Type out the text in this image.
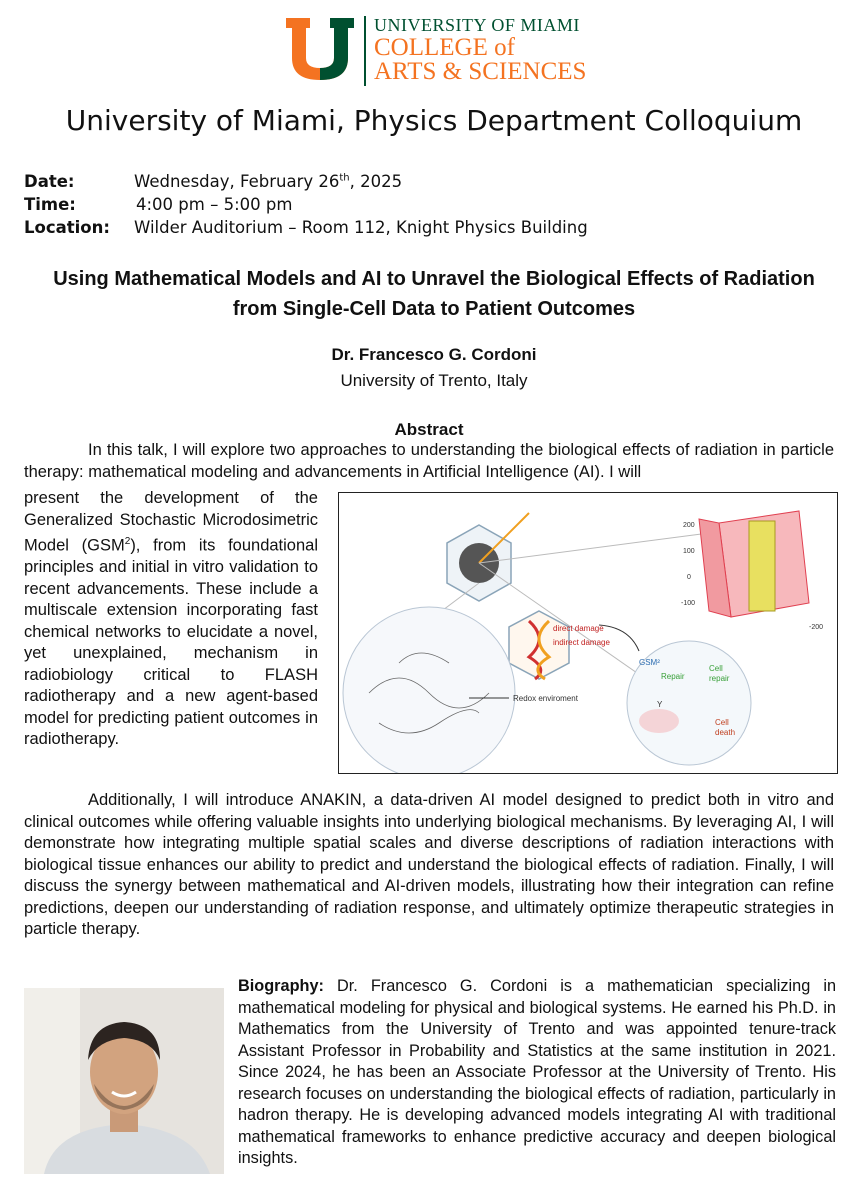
UNIVERSITY OF MIAMI
COLLEGE of
ARTS & SCIENCES
University of Miami, Physics Department Colloquium
Date:	Wednesday, February 26th, 2025
Time:	4:00 pm – 5:00 pm
Location: Wilder Auditorium – Room 112, Knight Physics Building
Using Mathematical Models and AI to Unravel the Biological Effects of Radiation from Single-Cell Data to Patient Outcomes
Dr. Francesco G. Cordoni
University of Trento, Italy
Abstract
In this talk, I will explore two approaches to understanding the biological effects of radiation in particle therapy: mathematical modeling and advancements in Artificial Intelligence (AI). I will
present the development of the Generalized Stochastic Microdosimetric Model (GSM$^2$), from its foundational principles and initial in vitro validation to recent advancements. These include a multiscale extension incorporating fast chemical networks to elucidate a novel, yet unexplained, mechanism in radiobiology critical to FLASH radiotherapy and a new agent-based model for predicting patient outcomes in radiotherapy.
200
100
0
-100
-200
direct damage
indirect damage
Redox enviroment
GSM²
Repair
Cell
repair
Cell
death
Y
Additionally, I will introduce ANAKIN, a data-driven AI model designed to predict both in vitro and clinical outcomes while offering valuable insights into underlying biological mechanisms. By leveraging AI, I will demonstrate how integrating multiple spatial scales and diverse descriptions of radiation interactions with biological tissue enhances our ability to predict and understand the biological effects of radiation. Finally, I will discuss the synergy between mathematical and AI-driven models, illustrating how their integration can refine predictions, deepen our understanding of radiation response, and ultimately optimize therapeutic strategies in particle therapy.
Biography: Dr. Francesco G. Cordoni is a mathematician specializing in mathematical modeling for physical and biological systems. He earned his Ph.D. in Mathematics from the University of Trento and was appointed tenure-track Assistant Professor in Probability and Statistics at the same institution in 2021. Since 2024, he has been an Associate Professor at the University of Trento. His research focuses on understanding the biological effects of radiation, particularly in hadron therapy. He is developing advanced models integrating AI with traditional mathematical frameworks to enhance predictive accuracy and deepen biological insights.
